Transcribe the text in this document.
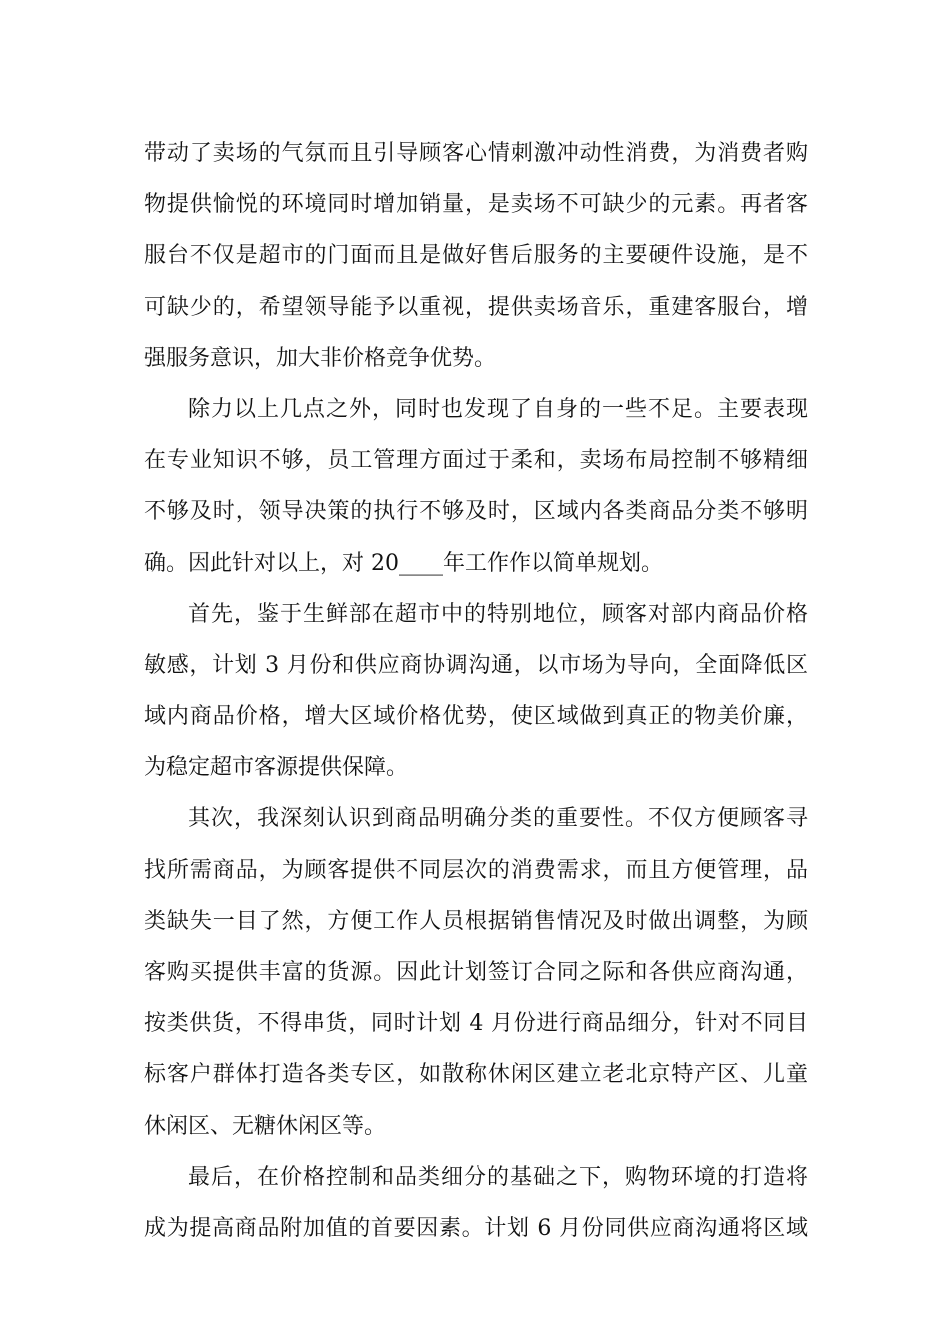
带动了卖场的气氛而且引导顾客心情刺激冲动性消费，为消费者购
物提供愉悦的环境同时增加销量，是卖场不可缺少的元素。再者客
服台不仅是超市的门面而且是做好售后服务的主要硬件设施，是不
可缺少的，希望领导能予以重视，提供卖场音乐，重建客服台，增
强服务意识，加大非价格竞争优势。
除力以上几点之外，同时也发现了自身的一些不足。主要表现
在专业知识不够，员工管理方面过于柔和，卖场布局控制不够精细
不够及时，领导决策的执行不够及时，区域内各类商品分类不够明
确。因此针对以上，对 20____年工作作以简单规划。
首先，鉴于生鲜部在超市中的特别地位，顾客对部内商品价格
敏感，计划 3 月份和供应商协调沟通，以市场为导向，全面降低区
域内商品价格，增大区域价格优势，使区域做到真正的物美价廉，
为稳定超市客源提供保障。
其次，我深刻认识到商品明确分类的重要性。不仅方便顾客寻
找所需商品，为顾客提供不同层次的消费需求，而且方便管理，品
类缺失一目了然，方便工作人员根据销售情况及时做出调整，为顾
客购买提供丰富的货源。因此计划签订合同之际和各供应商沟通，
按类供货，不得串货，同时计划 4 月份进行商品细分，针对不同目
标客户群体打造各类专区，如散称休闲区建立老北京特产区、儿童
休闲区、无糖休闲区等。
最后，在价格控制和品类细分的基础之下，购物环境的打造将
成为提高商品附加值的首要因素。计划 6 月份同供应商沟通将区域
